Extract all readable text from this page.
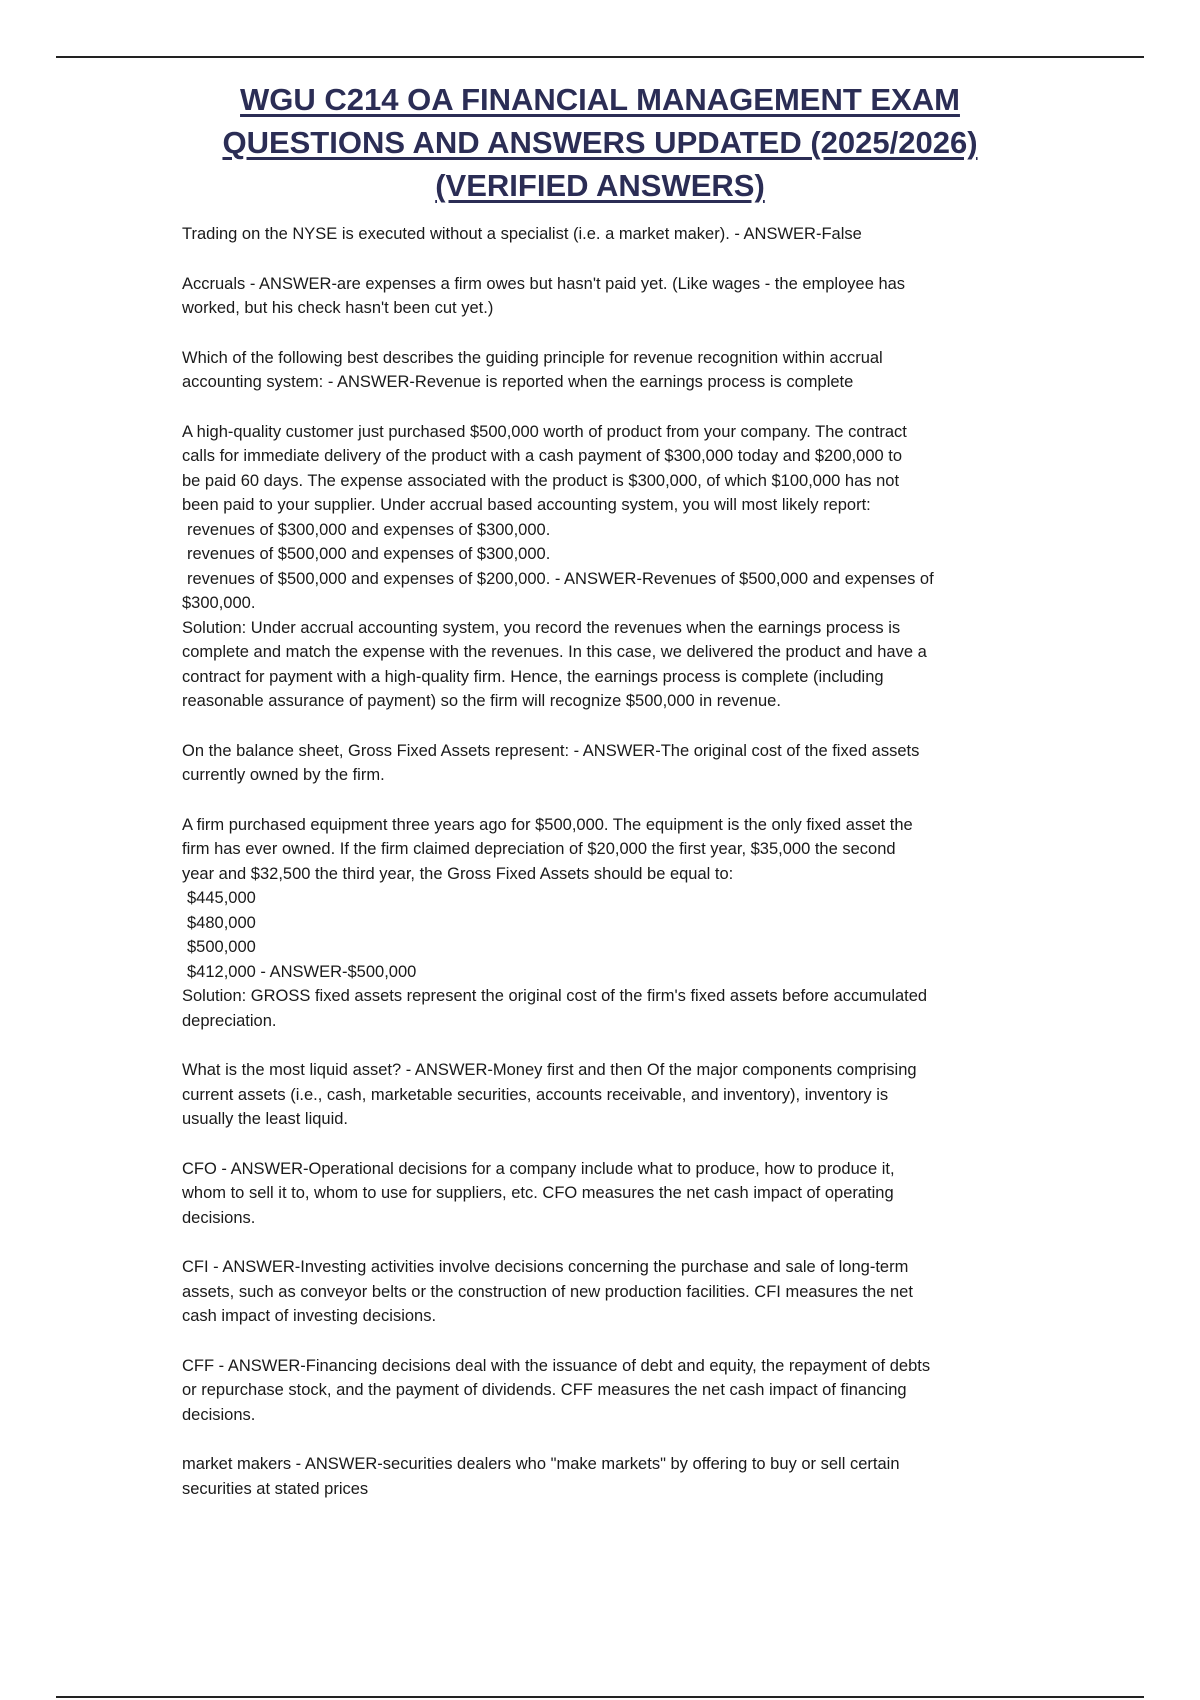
WGU C214 OA FINANCIAL MANAGEMENT EXAM
QUESTIONS AND ANSWERS UPDATED (2025/2026)
(VERIFIED ANSWERS)

Trading on the NYSE is executed without a specialist (i.e. a market maker). - ANSWER-False

Accruals - ANSWER-are expenses a firm owes but hasn't paid yet. (Like wages - the employee has
worked, but his check hasn't been cut yet.)

Which of the following best describes the guiding principle for revenue recognition within accrual
accounting system: - ANSWER-Revenue is reported when the earnings process is complete

A high-quality customer just purchased $500,000 worth of product from your company. The contract
calls for immediate delivery of the product with a cash payment of $300,000 today and $200,000 to
be paid 60 days. The expense associated with the product is $300,000, of which $100,000 has not
been paid to your supplier. Under accrual based accounting system, you will most likely report:
revenues of $300,000 and expenses of $300,000.
revenues of $500,000 and expenses of $300,000.
revenues of $500,000 and expenses of $200,000. - ANSWER-Revenues of $500,000 and expenses of
$300,000.
Solution: Under accrual accounting system, you record the revenues when the earnings process is
complete and match the expense with the revenues. In this case, we delivered the product and have a
contract for payment with a high-quality firm. Hence, the earnings process is complete (including
reasonable assurance of payment) so the firm will recognize $500,000 in revenue.

On the balance sheet, Gross Fixed Assets represent: - ANSWER-The original cost of the fixed assets
currently owned by the firm.

A firm purchased equipment three years ago for $500,000. The equipment is the only fixed asset the
firm has ever owned. If the firm claimed depreciation of $20,000 the first year, $35,000 the second
year and $32,500 the third year, the Gross Fixed Assets should be equal to:
$445,000
$480,000
$500,000
$412,000 - ANSWER-$500,000
Solution: GROSS fixed assets represent the original cost of the firm's fixed assets before accumulated
depreciation.

What is the most liquid asset? - ANSWER-Money first and then Of the major components comprising
current assets (i.e., cash, marketable securities, accounts receivable, and inventory), inventory is
usually the least liquid.

CFO - ANSWER-Operational decisions for a company include what to produce, how to produce it,
whom to sell it to, whom to use for suppliers, etc. CFO measures the net cash impact of operating
decisions.

CFI - ANSWER-Investing activities involve decisions concerning the purchase and sale of long-term
assets, such as conveyor belts or the construction of new production facilities. CFI measures the net
cash impact of investing decisions.

CFF - ANSWER-Financing decisions deal with the issuance of debt and equity, the repayment of debts
or repurchase stock, and the payment of dividends. CFF measures the net cash impact of financing
decisions.

market makers - ANSWER-securities dealers who "make markets" by offering to buy or sell certain
securities at stated prices
